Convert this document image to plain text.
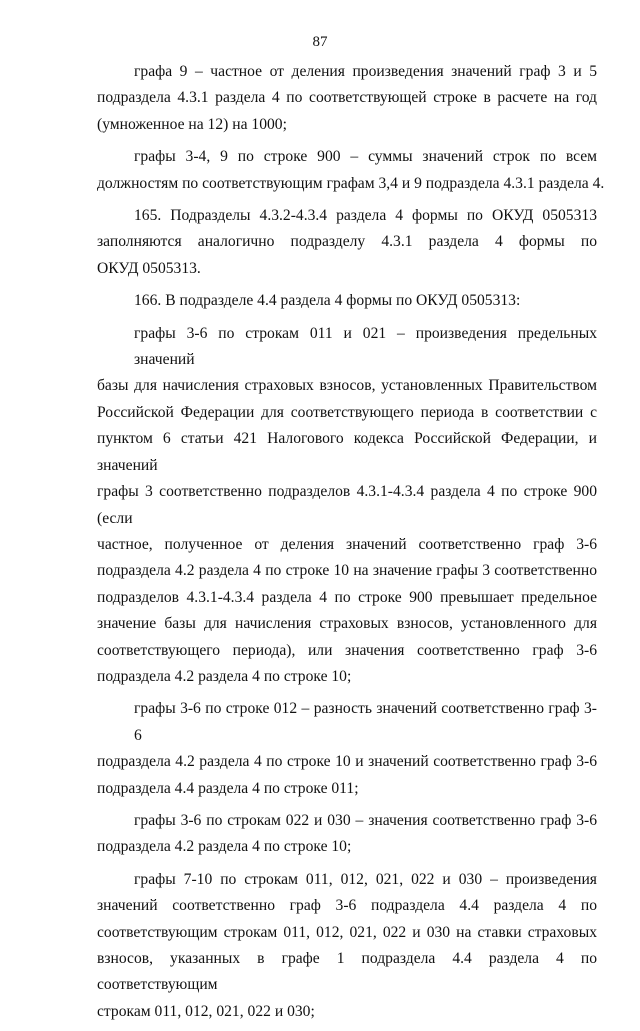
87

графа 9 – частное от деления произведения значений граф 3 и 5
подраздела 4.3.1 раздела 4 по соответствующей строке в расчете на год
(умноженное на 12) на 1000;

графы 3-4, 9 по строке 900 – суммы значений строк по всем
должностям по соответствующим графам 3,4 и 9 подраздела 4.3.1 раздела 4.

165. Подразделы 4.3.2-4.3.4 раздела 4 формы по ОКУД 0505313
заполняются аналогично подразделу 4.3.1 раздела 4 формы по
ОКУД 0505313.

166. В подразделе 4.4 раздела 4 формы по ОКУД 0505313:

графы 3-6 по строкам 011 и 021 – произведения предельных значений
базы для начисления страховых взносов, установленных Правительством
Российской Федерации для соответствующего периода в соответствии с
пунктом 6 статьи 421 Налогового кодекса Российской Федерации, и значений
графы 3 соответственно подразделов 4.3.1-4.3.4 раздела 4 по строке 900 (если
частное, полученное от деления значений соответственно граф 3-6
подраздела 4.2 раздела 4 по строке 10 на значение графы 3 соответственно
подразделов 4.3.1-4.3.4 раздела 4 по строке 900 превышает предельное
значение базы для начисления страховых взносов, установленного для
соответствующего периода), или значения соответственно граф 3-6
подраздела 4.2 раздела 4 по строке 10;

графы 3-6 по строке 012 – разность значений соответственно граф 3-6
подраздела 4.2 раздела 4 по строке 10 и значений соответственно граф 3-6
подраздела 4.4 раздела 4 по строке 011;

графы 3-6 по строкам 022 и 030 – значения соответственно граф 3-6
подраздела 4.2 раздела 4 по строке 10;

графы 7-10 по строкам 011, 012, 021, 022 и 030 – произведения
значений соответственно граф 3-6 подраздела 4.4 раздела 4 по
соответствующим строкам 011, 012, 021, 022 и 030 на ставки страховых
взносов, указанных в графе 1 подраздела 4.4 раздела 4 по соответствующим
строкам 011, 012, 021, 022 и 030;
